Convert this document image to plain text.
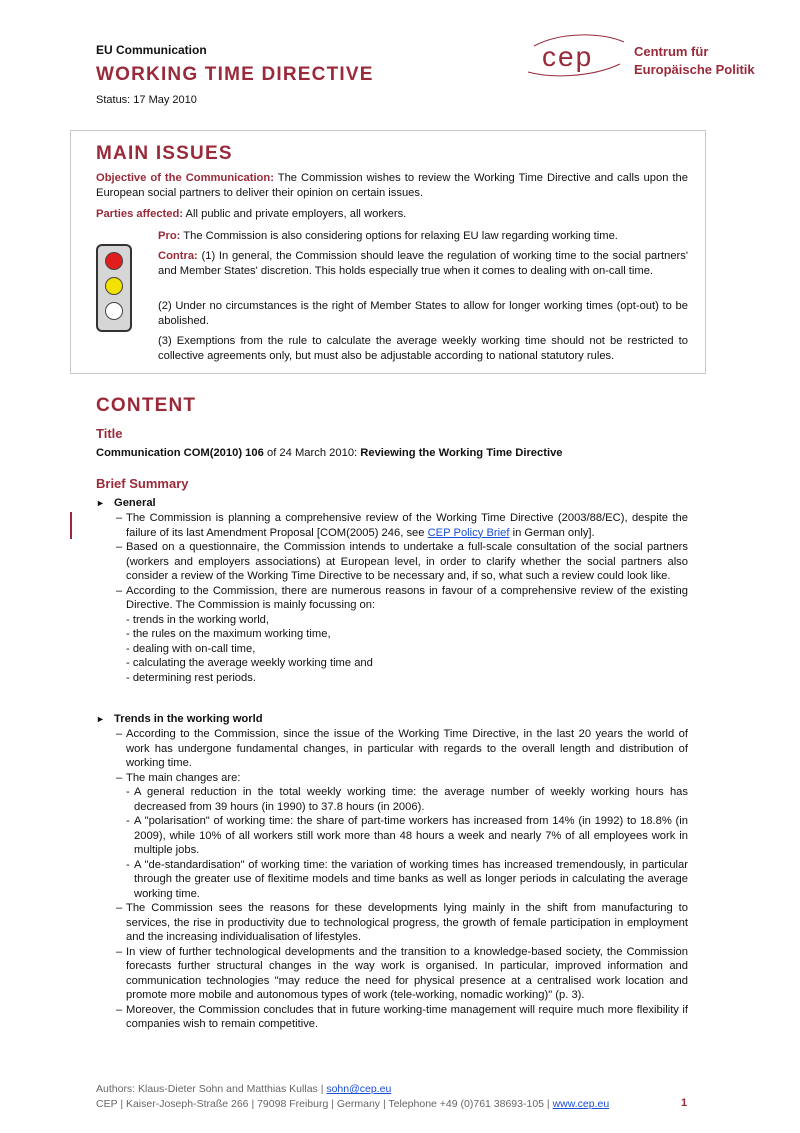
EU Communication
WORKING TIME DIRECTIVE
Status: 17 May 2010
cep	Centrum für
Europäische Politik
MAIN ISSUES
Objective of the Communication: The Commission wishes to review the Working Time Directive and calls upon the European social partners to deliver their opinion on certain issues.
Parties affected: All public and private employers, all workers.
Pro: The Commission is also considering options for relaxing EU law regarding working time.
Contra: (1) In general, the Commission should leave the regulation of working time to the social partners' and Member States' discretion. This holds especially true when it comes to dealing with on-call time.
(2) Under no circumstances is the right of Member States to allow for longer working times (opt-out) to be abolished.
(3) Exemptions from the rule to calculate the average weekly working time should not be restricted to collective agreements only, but must also be adjustable according to national statutory rules.
CONTENT
Title
Communication COM(2010) 106 of 24 March 2010: Reviewing the Working Time Directive
Brief Summary
► General
– The Commission is planning a comprehensive review of the Working Time Directive (2003/88/EC), despite the failure of its last Amendment Proposal [COM(2005) 246, see CEP Policy Brief in German only].
– Based on a questionnaire, the Commission intends to undertake a full-scale consultation of the social partners (workers and employers associations) at European level, in order to clarify whether the social partners also consider a review of the Working Time Directive to be necessary and, if so, what such a review could look like.
– According to the Commission, there are numerous reasons in favour of a comprehensive review of the existing Directive. The Commission is mainly focussing on:
- trends in the working world,
- the rules on the maximum working time,
- dealing with on-call time,
- calculating the average weekly working time and
- determining rest periods.
► Trends in the working world
– According to the Commission, since the issue of the Working Time Directive, in the last 20 years the world of work has undergone fundamental changes, in particular with regards to the overall length and distribution of working time.
– The main changes are:
- A general reduction in the total weekly working time: the average number of weekly working hours has decreased from 39 hours (in 1990) to 37.8 hours (in 2006).
- A "polarisation" of working time: the share of part-time workers has increased from 14% (in 1992) to 18.8% (in 2009), while 10% of all workers still work more than 48 hours a week and nearly 7% of all employees work in multiple jobs.
- A "de-standardisation" of working time: the variation of working times has increased tremendously, in particular through the greater use of flexitime models and time banks as well as longer periods in calculating the average working time.
– The Commission sees the reasons for these developments lying mainly in the shift from manufacturing to services, the rise in productivity due to technological progress, the growth of female participation in employment and the increasing individualisation of lifestyles.
– In view of further technological developments and the transition to a knowledge-based society, the Commission forecasts further structural changes in the way work is organised. In particular, improved information and communication technologies "may reduce the need for physical presence at a centralised work location and promote more mobile and autonomous types of work (tele-working, nomadic working)" (p. 3).
– Moreover, the Commission concludes that in future working-time management will require much more flexibility if companies wish to remain competitive.
Authors: Klaus-Dieter Sohn and Matthias Kullas | sohn@cep.eu
CEP | Kaiser-Joseph-Straße 266 | 79098 Freiburg | Germany | Telephone +49 (0)761 38693-105 | www.cep.eu	1
